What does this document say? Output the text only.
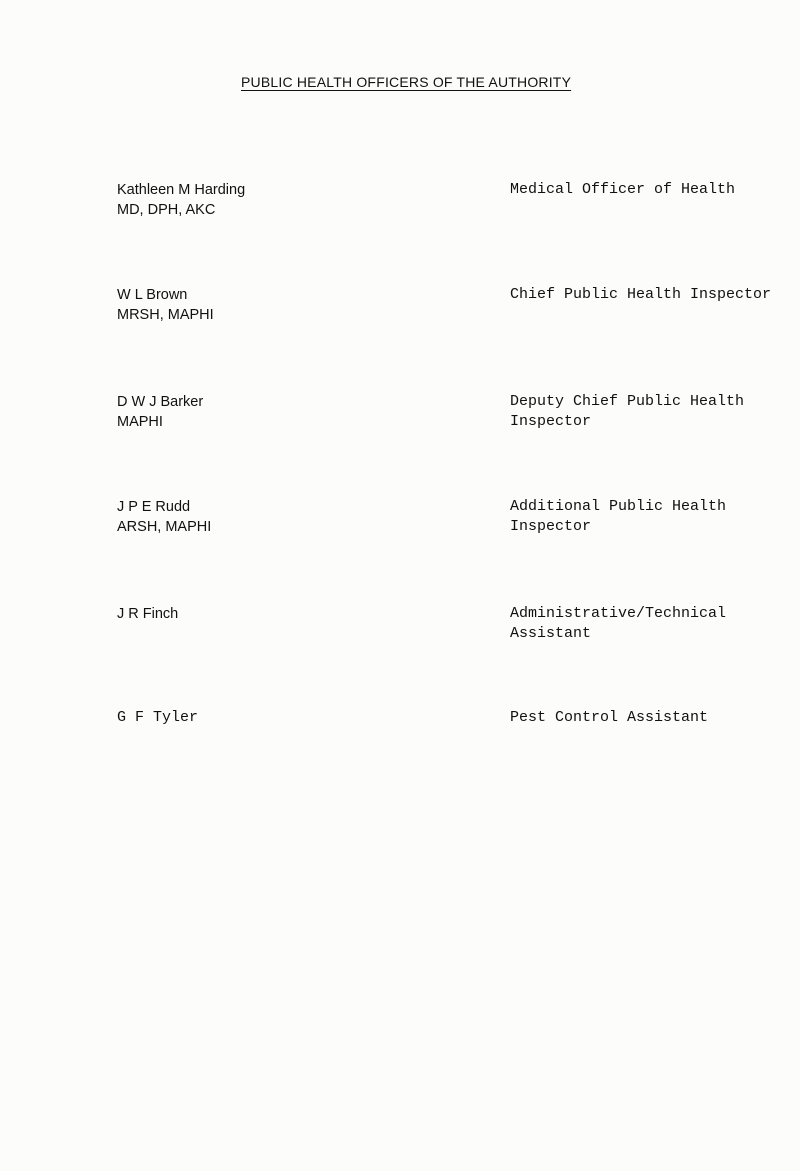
PUBLIC HEALTH OFFICERS OF THE AUTHORITY
Kathleen M Harding
MD, DPH, AKC
Medical Officer of Health
W L Brown
MRSH, MAPHI
Chief Public Health Inspector
D W J Barker
MAPHI
Deputy Chief Public Health
Inspector
J P E Rudd
ARSH, MAPHI
Additional Public Health
Inspector
J R Finch	Administrative/Technical
Assistant
G F Tyler	Pest Control Assistant
